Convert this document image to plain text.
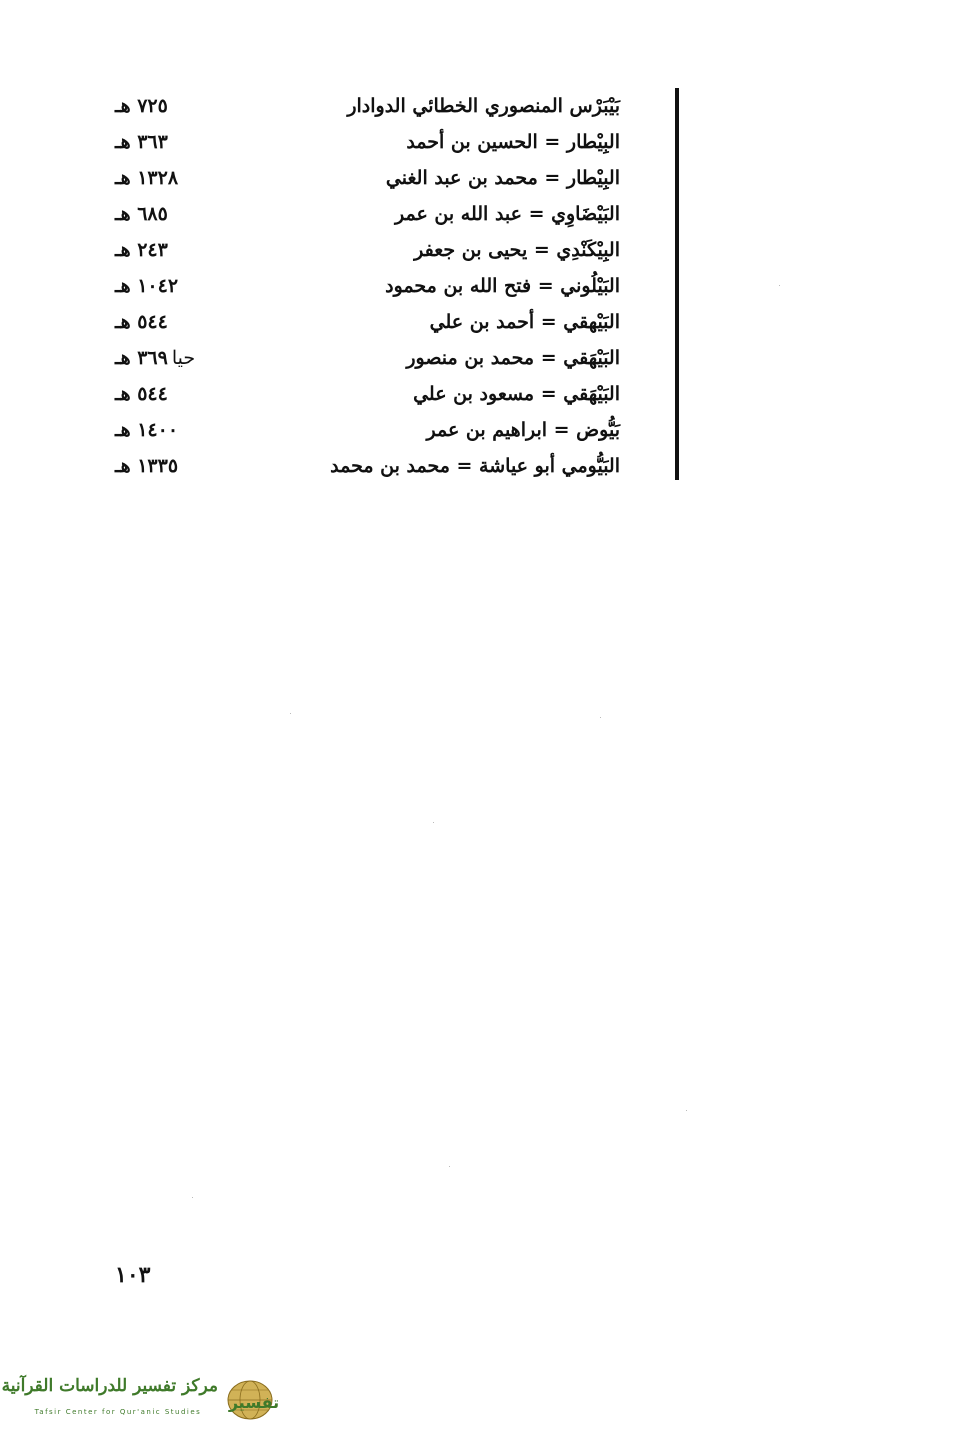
بَيْبَرْس المنصوري الخطائي الدوادار
٧٢٥ هـ
البِيْطار = الحسين بن أحمد
٣٦٣ هـ
البِيْطار = محمد بن عبد الغني
١٣٢٨ هـ
البَيْضَاوِي = عبد الله بن عمر
٦٨٥ هـ
البِيْكَنْدِي = يحيى بن جعفر
٢٤٣ هـ
البَيْلُوني = فتح الله بن محمود
١٠٤٢ هـ
البَيْهقي = أحمد بن علي
٥٤٤ هـ
البَيْهَقي = محمد بن منصور
حيا٣٦٩ هـ
البَيْهَقي = مسعود بن علي
٥٤٤ هـ
بَيُّوض = ابراهيم بن عمر
١٤٠٠ هـ
البَيُّومي أبو عياشة = محمد بن محمد
١٣٣٥ هـ
١٠٣
تفسير
مركز تفسير للدراسات القرآنية
Tafsir Center for Qur'anic Studies
